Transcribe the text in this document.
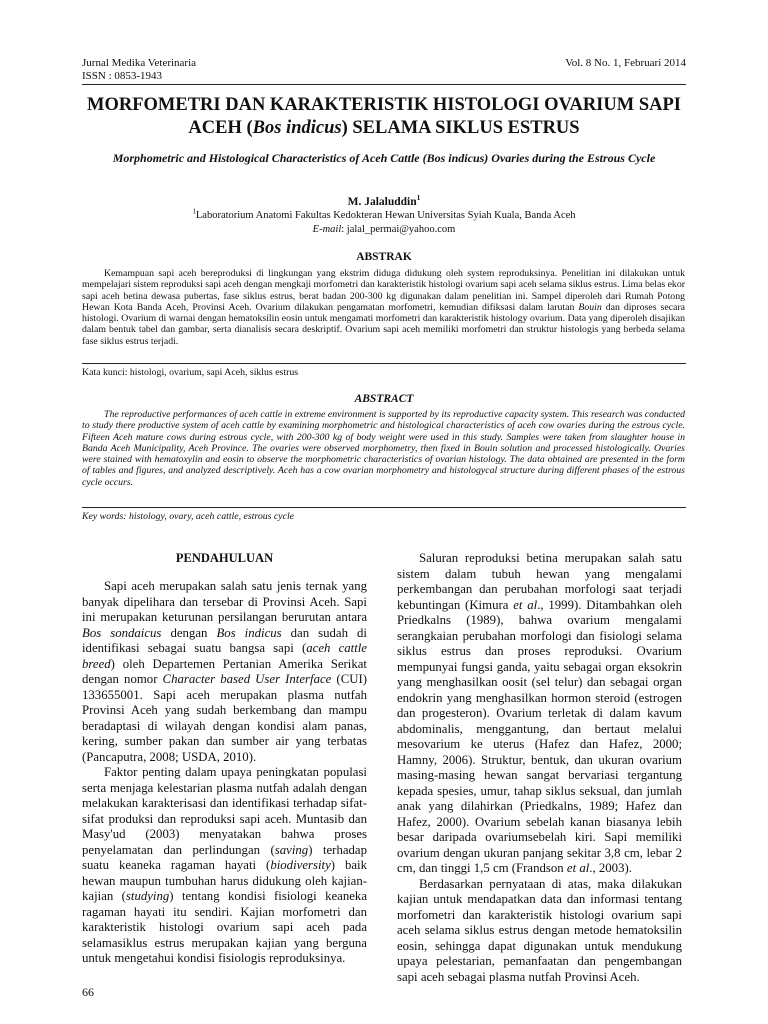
Jurnal Medika Veterinaria
ISSN : 0853-1943
Vol. 8 No. 1, Februari 2014
MORFOMETRI DAN KARAKTERISTIK HISTOLOGI OVARIUM SAPI ACEH (Bos indicus) SELAMA SIKLUS ESTRUS
Morphometric and Histological Characteristics of Aceh Cattle (Bos indicus) Ovaries during the Estrous Cycle
M. Jalaluddin$^1$
$^1$Laboratorium Anatomi Fakultas Kedokteran Hewan Universitas Syiah Kuala, Banda Aceh
E-mail: jalal_permai@yahoo.com
ABSTRAK
Kemampuan sapi aceh bereproduksi di lingkungan yang ekstrim diduga didukung oleh system reproduksinya. Penelitian ini dilakukan untuk mempelajari sistem reproduksi sapi aceh dengan mengkaji morfometri dan karakteristik histologi ovarium sapi aceh selama siklus estrus. Lima belas ekor sapi aceh betina dewasa pubertas, fase siklus estrus, berat badan 200-300 kg digunakan dalam penelitian ini. Sampel diperoleh dari Rumah Potong Hewan Kota Banda Aceh, Provinsi Aceh. Ovarium dilakukan pengamatan morfometri, kemudian difiksasi dalam larutan Bouin dan diproses secara histologi. Ovarium di warnai dengan hematoksilin eosin untuk mengamati morfometri dan karakteristik histology ovarium. Data yang diperoleh disajikan dalam bentuk tabel dan gambar, serta dianalisis secara deskriptif. Ovarium sapi aceh memiliki morfometri dan struktur histologis yang berbeda selama fase siklus estrus terjadi.
Kata kunci: histologi, ovarium, sapi Aceh, siklus estrus
ABSTRACT
The reproductive performances of aceh cattle in extreme environment is supported by its reproductive capacity system. This research was conducted to study there productive system of aceh cattle by examining morphometric and histological characteristics of aceh cow ovaries during the estrous cycle. Fifteen Aceh mature cows during estrous cycle, with 200-300 kg of body weight were used in this study. Samples were taken from slaughter house in Banda Aceh Municipality, Aceh Province. The ovaries were observed morphometry, then fixed in Bouin solution and processed histologically. Ovaries were stained with hematoxylin and eosin to observe the morphometric characteristics of ovarian histology. The data obtained are presented in the form of tables and figures, and analyzed descriptively. Aceh has a cow ovarian morphometry and histologycal structure during different phases of the estrous cycle occurs.
Key words: histology, ovary, aceh cattle, estrous cycle
PENDAHULUAN

Sapi aceh merupakan salah satu jenis ternak yang banyak dipelihara dan tersebar di Provinsi Aceh. Sapi ini merupakan keturunan persilangan berurutan antara Bos sondaicus dengan Bos indicus dan sudah di identifikasi sebagai suatu bangsa sapi (aceh cattle breed) oleh Departemen Pertanian Amerika Serikat dengan nomor Character based User Interface (CUI) 133655001. Sapi aceh merupakan plasma nutfah Provinsi Aceh yang sudah berkembang dan mampu beradaptasi di wilayah dengan kondisi alam panas, kering, sumber pakan dan sumber air yang terbatas (Pancaputra, 2008; USDA, 2010).

Faktor penting dalam upaya peningkatan populasi serta menjaga kelestarian plasma nutfah adalah dengan melakukan karakterisasi dan identifikasi terhadap sifat-sifat produksi dan reproduksi sapi aceh. Muntasib dan Masy'ud (2003) menyatakan bahwa proses penyelamatan dan perlindungan (saving) terhadap suatu keaneka ragaman hayati (biodiversity) baik hewan maupun tumbuhan harus didukung oleh kajian-kajian (studying) tentang kondisi fisiologi keaneka ragaman hayati itu sendiri. Kajian morfometri dan karakteristik histologi ovarium sapi aceh pada selamasiklus estrus merupakan kajian yang berguna untuk mengetahui kondisi fisiologis reproduksinya.

Saluran reproduksi betina merupakan salah satu sistem dalam tubuh hewan yang mengalami perkembangan dan perubahan morfologi saat terjadi kebuntingan (Kimura et al., 1999). Ditambahkan oleh Priedkalns (1989), bahwa ovarium mengalami serangkaian perubahan morfologi dan fisiologi selama siklus estrus dan proses reproduksi. Ovarium mempunyai fungsi ganda, yaitu sebagai organ eksokrin yang menghasilkan oosit (sel telur) dan sebagai organ endokrin yang menghasilkan hormon steroid (estrogen dan progesteron). Ovarium terletak di dalam kavum abdominalis, menggantung, dan bertaut melalui mesovarium ke uterus (Hafez dan Hafez, 2000; Hamny, 2006). Struktur, bentuk, dan ukuran ovarium masing-masing hewan sangat bervariasi tergantung kepada spesies, umur, tahap siklus seksual, dan jumlah anak yang dilahirkan (Priedkalns, 1989; Hafez dan Hafez, 2000). Ovarium sebelah kanan biasanya lebih besar daripada ovariumsebelah kiri. Sapi memiliki ovarium dengan ukuran panjang sekitar 3,8 cm, lebar 2 cm, dan tinggi 1,5 cm (Frandson et al., 2003).

Berdasarkan pernyataan di atas, maka dilakukan kajian untuk mendapatkan data dan informasi tentang morfometri dan karakteristik histologi ovarium sapi aceh selama siklus estrus dengan metode hematoksilin eosin, sehingga dapat digunakan untuk mendukung upaya pelestarian, pemanfaatan dan pengembangan sapi aceh sebagai plasma nutfah Provinsi Aceh.

66
